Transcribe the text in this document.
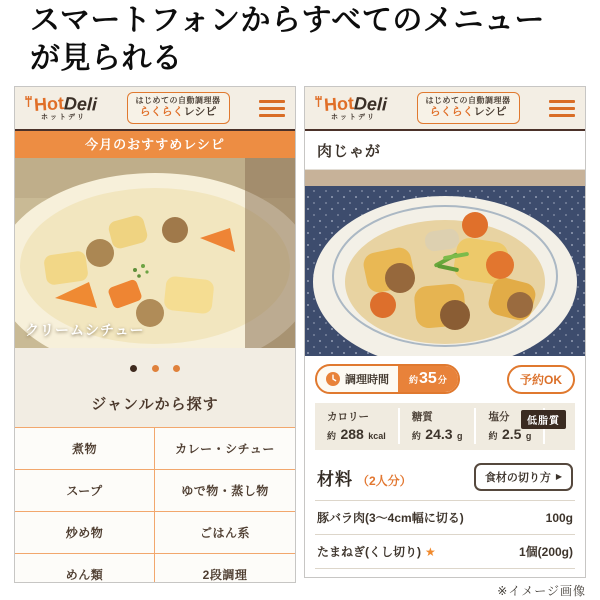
スマートフォンからすべてのメニュー
が見られる
Hot Deli
ホットデリ
はじめての自動調理器
らくらくレシピ
今月のおすすめレシピ
クリームシチュー

ジャンルから探す
煮物	カレー・シチュー
スープ	ゆで物・蒸し物
炒め物	ごはん系
めん類	2段調理
Hot Deli
ホットデリ
はじめての自動調理器
らくらくレシピ
肉じゃが
調理時間 約 35 分	予約OK
カロリー
約 288 kcal
糖質
約 24.3 g
塩分
約 2.5 g
低脂質
材料 （2人分）	食材の切り方 ▶
豚バラ肉(3〜4cm幅に切る)	100g
たまねぎ(くし切り) ★	1個(200g)
※イメージ画像
